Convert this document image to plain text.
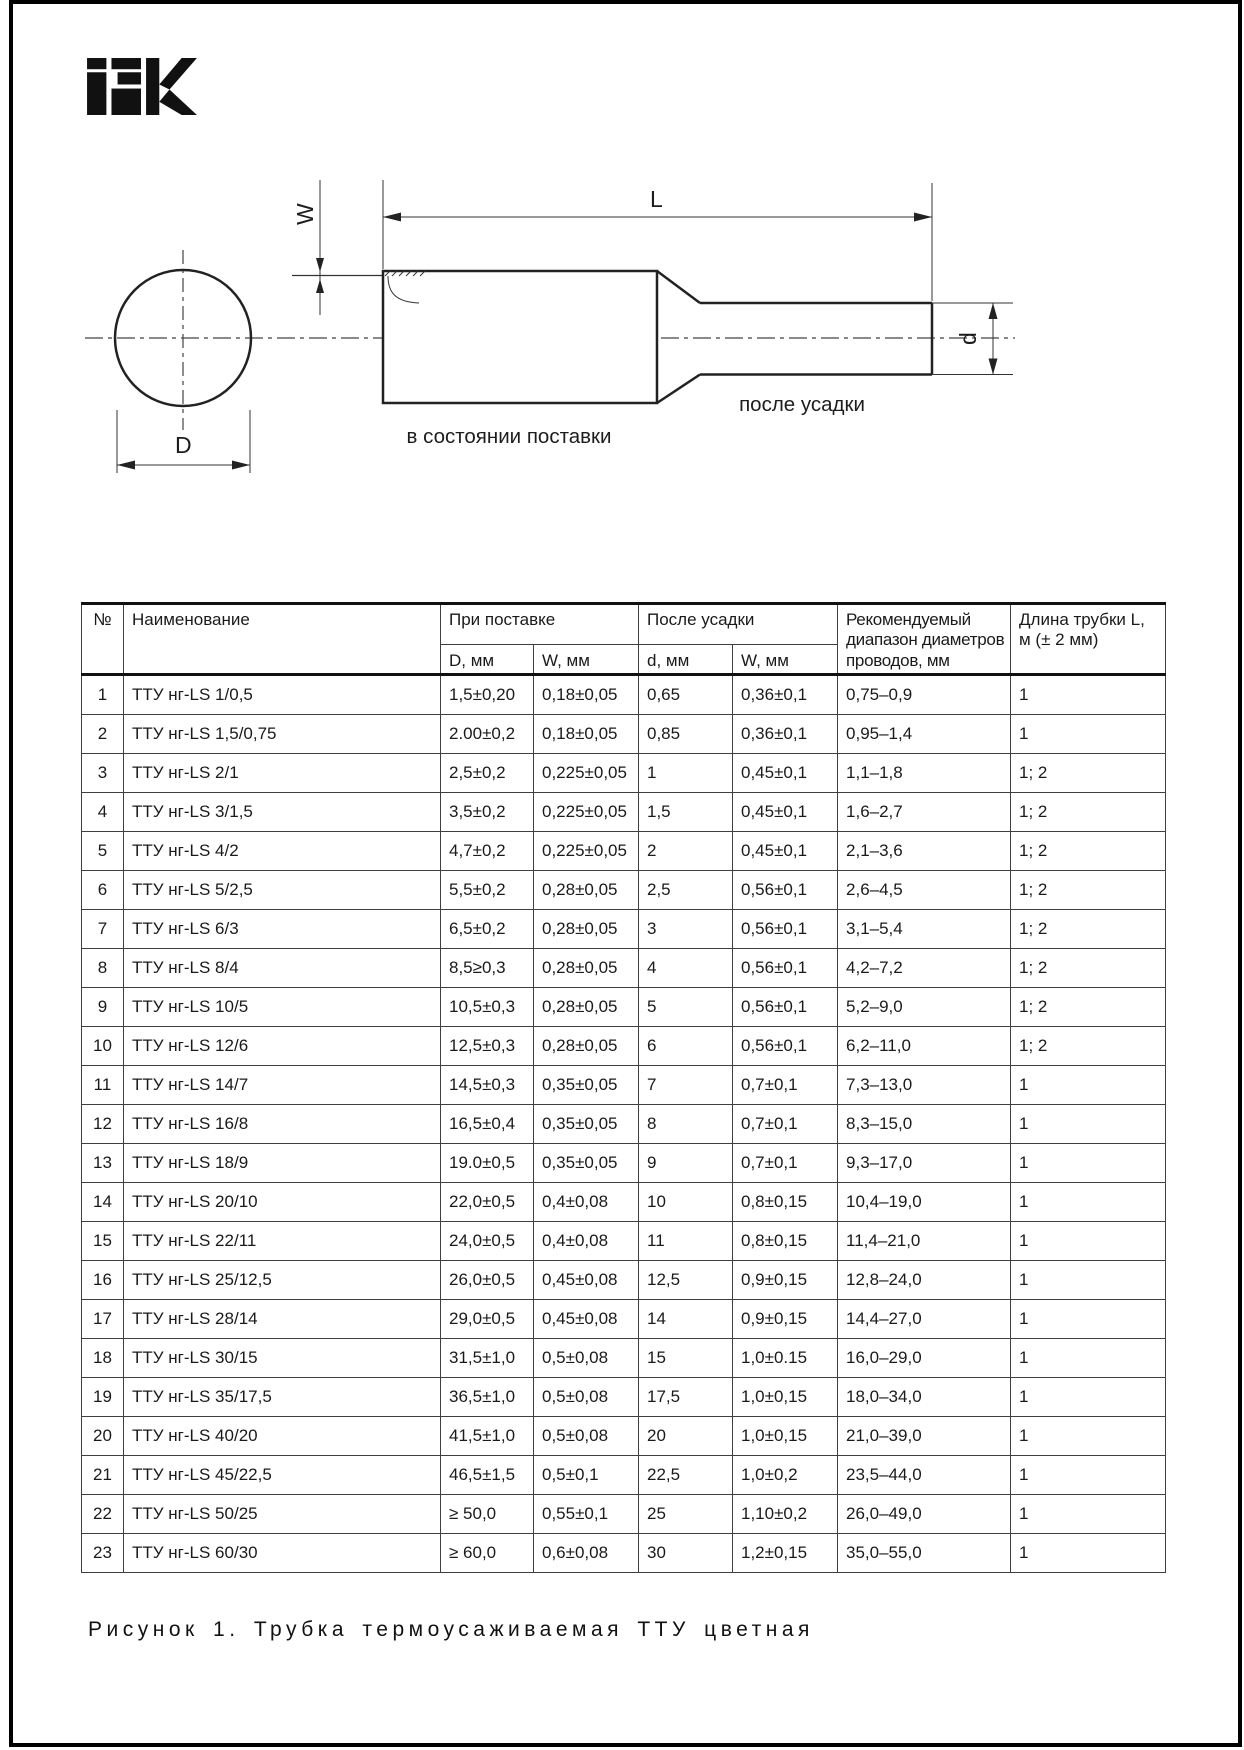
D
W
L
d
в состоянии поставки
после усадки
№	Наименование	При поставке		После усадки		Рекомендуемый диапазон диаметров проводов, мм	Длина трубки L, м (± 2 мм)
		D, мм	W, мм	d, мм	W, мм		
1	ТТУ нг-LS 1/0,5	1,5±0,20	0,18±0,05	0,65	0,36±0,1	0,75–0,9	1
2	ТТУ нг-LS 1,5/0,75	2.00±0,2	0,18±0,05	0,85	0,36±0,1	0,95–1,4	1
3	ТТУ нг-LS 2/1	2,5±0,2	0,225±0,05	1	0,45±0,1	1,1–1,8	1; 2
4	ТТУ нг-LS 3/1,5	3,5±0,2	0,225±0,05	1,5	0,45±0,1	1,6–2,7	1; 2
5	ТТУ нг-LS 4/2	4,7±0,2	0,225±0,05	2	0,45±0,1	2,1–3,6	1; 2
6	ТТУ нг-LS 5/2,5	5,5±0,2	0,28±0,05	2,5	0,56±0,1	2,6–4,5	1; 2
7	ТТУ нг-LS 6/3	6,5±0,2	0,28±0,05	3	0,56±0,1	3,1–5,4	1; 2
8	ТТУ нг-LS 8/4	8,5≥0,3	0,28±0,05	4	0,56±0,1	4,2–7,2	1; 2
9	ТТУ нг-LS 10/5	10,5±0,3	0,28±0,05	5	0,56±0,1	5,2–9,0	1; 2
10	ТТУ нг-LS 12/6	12,5±0,3	0,28±0,05	6	0,56±0,1	6,2–11,0	1; 2
11	ТТУ нг-LS 14/7	14,5±0,3	0,35±0,05	7	0,7±0,1	7,3–13,0	1
12	ТТУ нг-LS 16/8	16,5±0,4	0,35±0,05	8	0,7±0,1	8,3–15,0	1
13	ТТУ нг-LS 18/9	19.0±0,5	0,35±0,05	9	0,7±0,1	9,3–17,0	1
14	ТТУ нг-LS 20/10	22,0±0,5	0,4±0,08	10	0,8±0,15	10,4–19,0	1
15	ТТУ нг-LS 22/11	24,0±0,5	0,4±0,08	11	0,8±0,15	11,4–21,0	1
16	ТТУ нг-LS 25/12,5	26,0±0,5	0,45±0,08	12,5	0,9±0,15	12,8–24,0	1
17	ТТУ нг-LS 28/14	29,0±0,5	0,45±0,08	14	0,9±0,15	14,4–27,0	1
18	ТТУ нг-LS 30/15	31,5±1,0	0,5±0,08	15	1,0±0.15	16,0–29,0	1
19	ТТУ нг-LS 35/17,5	36,5±1,0	0,5±0,08	17,5	1,0±0,15	18,0–34,0	1
20	ТТУ нг-LS 40/20	41,5±1,0	0,5±0,08	20	1,0±0,15	21,0–39,0	1
21	ТТУ нг-LS 45/22,5	46,5±1,5	0,5±0,1	22,5	1,0±0,2	23,5–44,0	1
22	ТТУ нг-LS 50/25	≥ 50,0	0,55±0,1	25	1,10±0,2	26,0–49,0	1
23	ТТУ нг-LS 60/30	≥ 60,0	0,6±0,08	30	1,2±0,15	35,0–55,0	1
Рисунок 1. Трубка термоусаживаемая ТТУ цветная
